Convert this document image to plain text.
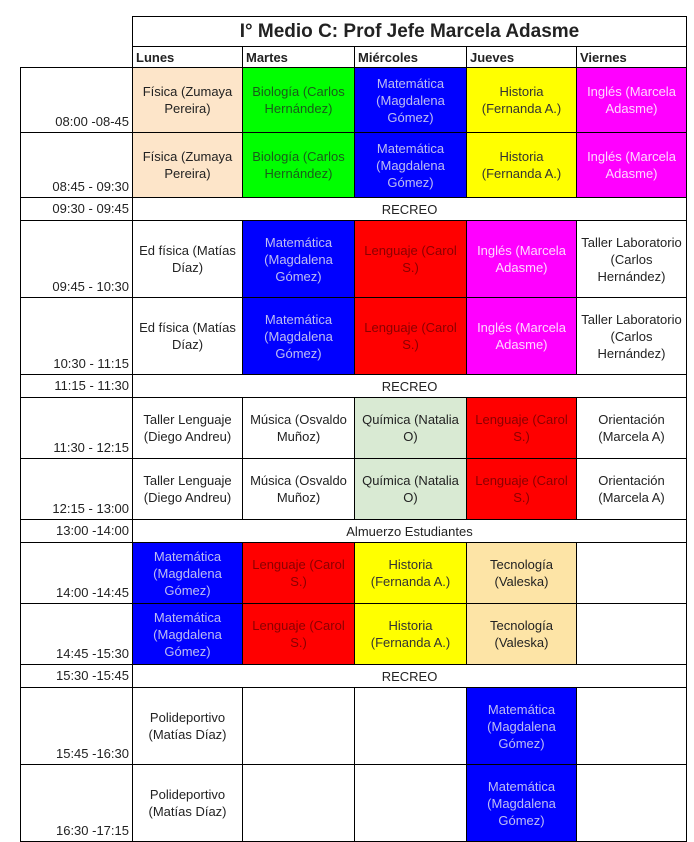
	I° Medio C: Prof Jefe Marcela Adasme				
	Lunes	Martes	Miércoles	Jueves	Viernes
08:00 -08-45	Física (Zumaya Pereira)	Biología (Carlos Hernández)	Matemática (Magdalena Gómez)	Historia (Fernanda A.)	Inglés (Marcela Adasme)
08:45 - 09:30	Física (Zumaya Pereira)	Biología (Carlos Hernández)	Matemática (Magdalena Gómez)	Historia (Fernanda A.)	Inglés (Marcela Adasme)
09:30 - 09:45	RECREO				
09:45 - 10:30	Ed física (Matías Díaz)	Matemática (Magdalena Gómez)	Lenguaje (Carol S.)	Inglés (Marcela Adasme)	Taller Laboratorio (Carlos Hernández)
10:30 - 11:15	Ed física (Matías Díaz)	Matemática (Magdalena Gómez)	Lenguaje (Carol S.)	Inglés (Marcela Adasme)	Taller Laboratorio (Carlos Hernández)
11:15 - 11:30	RECREO				
11:30 - 12:15	Taller Lenguaje (Diego Andreu)	Música (Osvaldo Muñoz)	Química (Natalia O)	Lenguaje (Carol S.)	Orientación (Marcela A)
12:15 - 13:00	Taller Lenguaje (Diego Andreu)	Música (Osvaldo Muñoz)	Química (Natalia O)	Lenguaje (Carol S.)	Orientación (Marcela A)
13:00 -14:00	Almuerzo Estudiantes				
14:00 -14:45	Matemática (Magdalena Gómez)	Lenguaje (Carol S.)	Historia (Fernanda A.)	Tecnología (Valeska)	
14:45 -15:30	Matemática (Magdalena Gómez)	Lenguaje (Carol S.)	Historia (Fernanda A.)	Tecnología (Valeska)	
15:30 -15:45	RECREO				
15:45 -16:30	Polideportivo (Matías Díaz)			Matemática (Magdalena Gómez)	
16:30 -17:15	Polideportivo (Matías Díaz)			Matemática (Magdalena Gómez)	
